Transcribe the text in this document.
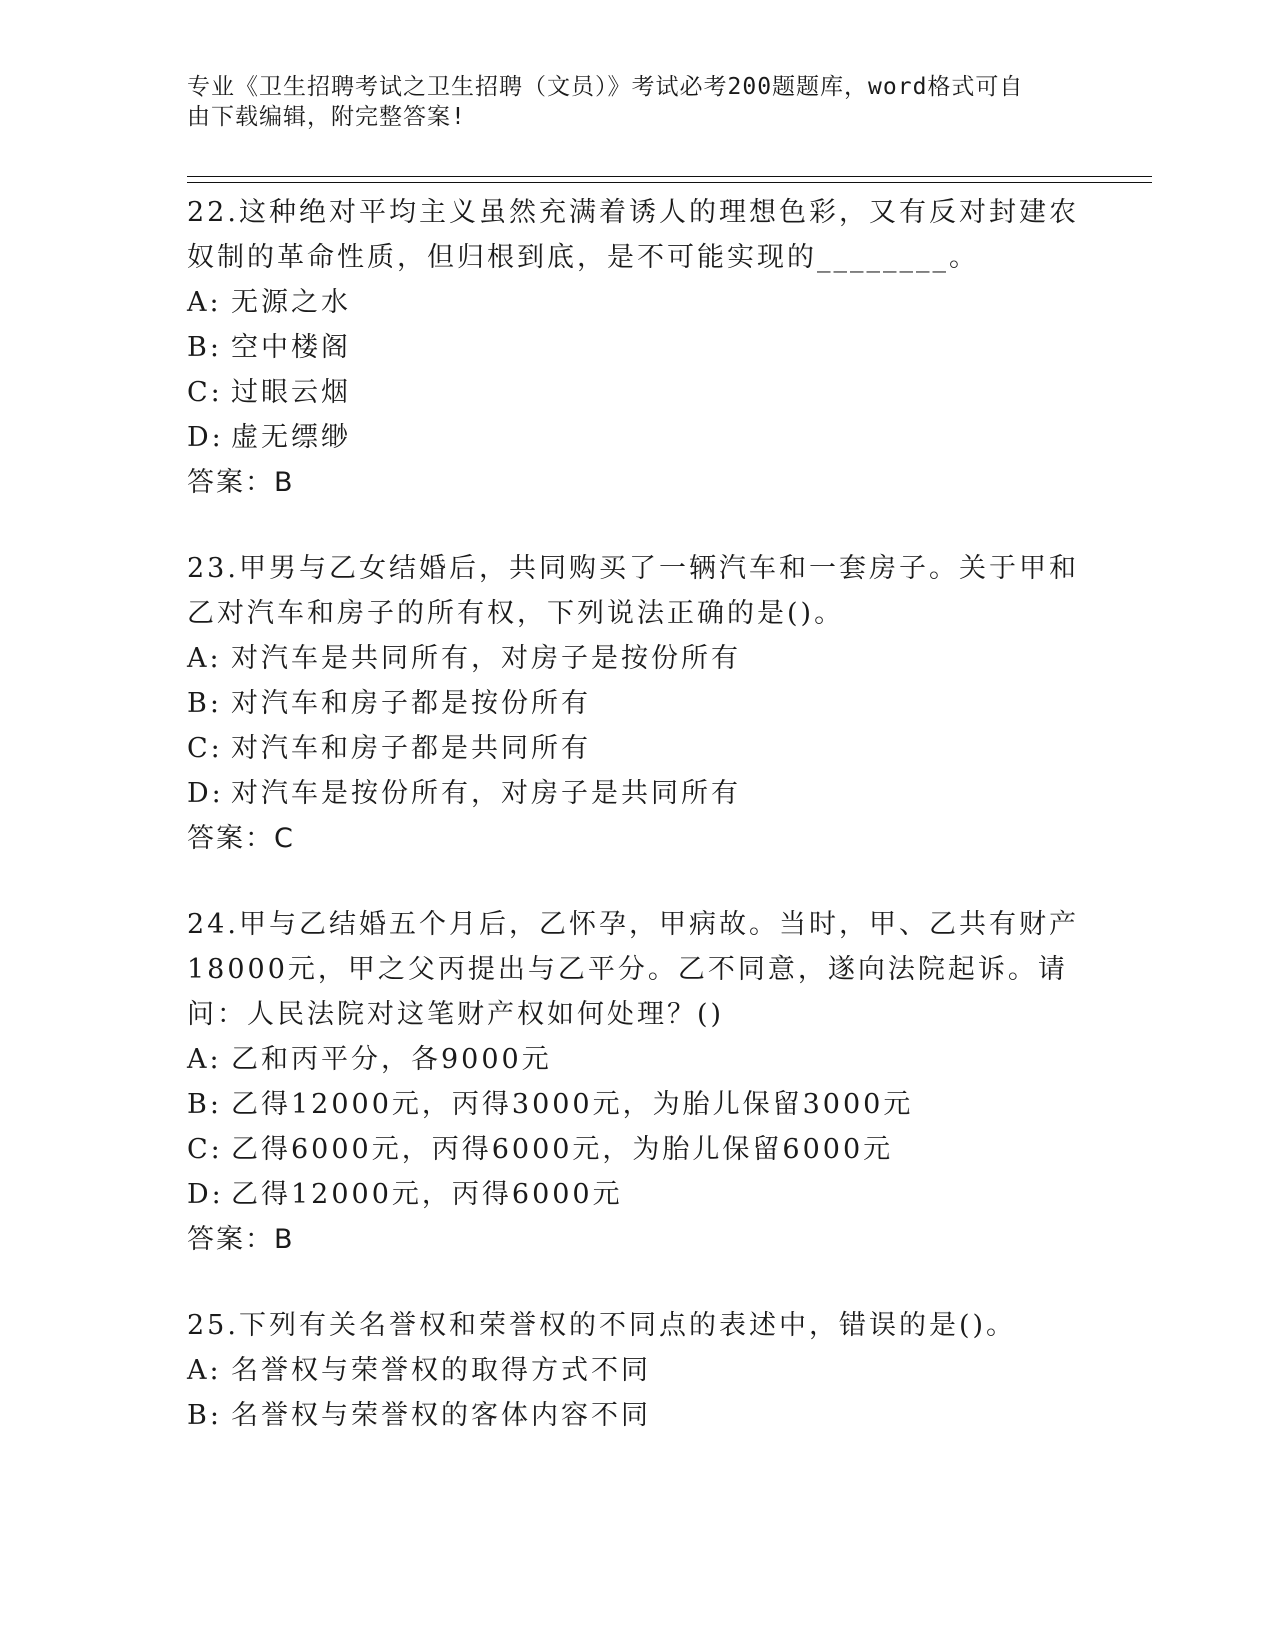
专业《卫生招聘考试之卫生招聘（文员）》考试必考200题题库，word格式可自
由下载编辑，附完整答案!

22.这种绝对平均主义虽然充满着诱人的理想色彩，又有反对封建农奴制的革命性质，但归根到底，是不可能实现的________。

A: 无源之水

B: 空中楼阁

C: 过眼云烟

D: 虚无缥缈

答案：B

23.甲男与乙女结婚后，共同购买了一辆汽车和一套房子。关于甲和乙对汽车和房子的所有权，下列说法正确的是()。

A: 对汽车是共同所有，对房子是按份所有

B: 对汽车和房子都是按份所有

C: 对汽车和房子都是共同所有

D: 对汽车是按份所有，对房子是共同所有

答案：C

24.甲与乙结婚五个月后，乙怀孕，甲病故。当时，甲、乙共有财产18000元，甲之父丙提出与乙平分。乙不同意，遂向法院起诉。请问：人民法院对这笔财产权如何处理？()

A: 乙和丙平分，各9000元

B: 乙得12000元，丙得3000元，为胎儿保留3000元

C: 乙得6000元，丙得6000元，为胎儿保留6000元

D: 乙得12000元，丙得6000元

答案：B

25.下列有关名誉权和荣誉权的不同点的表述中，错误的是()。

A: 名誉权与荣誉权的取得方式不同

B: 名誉权与荣誉权的客体内容不同
